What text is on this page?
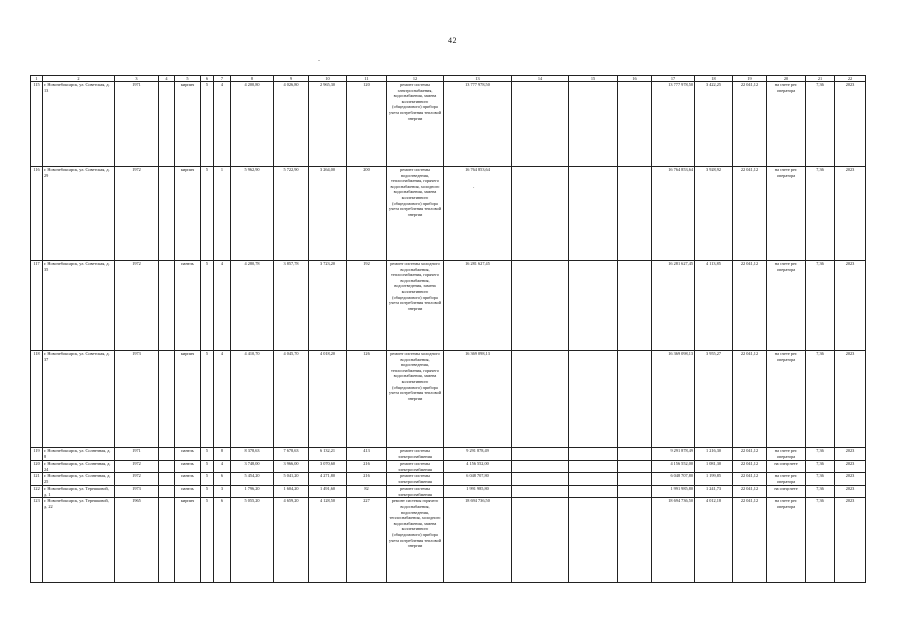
42
-
.
1	2	3	4	5	6	7	8	9	10	11	12	13	14	15	16	17	18	19	20	21	22
115	г. Новочебоксарск, ул. Советская, д. 13	1971		кирпич	5	4	4 200,80	4 026,80	2 965,30	120	ремонт системы электроснабжения, водоснабжения, замена коллективного (общедомового) прибора учета потребления тепловой энергии	13 777 978,50				13 777 978,50	3 422,25	22 041,12	на счете рег. оператора	7,36	2023
116	г. Новочебоксарск, ул. Советская, д. 29	1972		кирпич	5	1	5 962,90	5 722,90	3 264,00	200	ремонт системы водоотведения, теплоснабжения, горячего водоснабжения, холодного водоснабжения, замена коллективного (общедомового) прибора учета потребления тепловой энергии	16 764 853,64				16 764 853,64	3 928,92	22 041,12	на счете рег. оператора	7,36	2023
117	г. Новочебоксарск, ул. Советская, д. 35	1972		панель	5	4	4 280,78	3 857,78	3 723,20	192	ремонт системы холодного водоснабжения, теплоснабжения, горячего водоснабжения, водоотведения, замена коллективного (общедомового) прибора учета потребления тепловой энергии	16 281 627,45				16 281 627,45	4 113,85	22 041,12	на счете рег. оператора	7,36	2023
118	г. Новочебоксарск, ул. Советская, д. 37	1973		кирпич	5	4	4 410,70	4 045,70	4 018,20	126	ремонт системы холодного водоснабжения, водоотведения, теплоснабжения, горячего водоснабжения, замена коллективного (общедомового) прибора учета потребления тепловой энергии	16 369 098,13				16 369 098,13	3 955,27	22 041,12	на счете рег. оператора	7,36	2023
119	г. Новочебоксарск, ул. Солнечная, д. 8	1971		панель	5	8	8 378,63	7 678,63	6 132,21	413	ремонт системы электроснабжения	9 291 878,49				9 291 878,49	1 216,30	22 041,12	на счете рег. оператора	7,36	2023
120	г. Новочебоксарск, ул. Солнечная, д. 24	1972		панель	5	4	3 748,00	3 966,00	3 070,60	216	ремонт системы электроснабжения	4 156 552,00				4 156 552,00	1 081,30	22 041,12	на спецсчете	7,36	2023
121	г. Новочебоксарск, ул. Солнечная, д. 25	1972		панель	5	6	5 454,20	5 041,20	4 271,80	216	ремонт системы электроснабжения	6 048 707,80				6 048 707,80	1 199,85	22 041,12	на счете рег. оператора	7,36	2023
122	г. Новочебоксарск, ул. Терешковой, д. 1	1973		панель	5	3	1 796,20	1 604,20	1 491,60	82	ремонт системы электроснабжения	1 991 985,80				1 991 985,80	1 241,73	22 041,12	на спецсчете	7,36	2023
123	г. Новочебоксарск, ул. Терешковой, д. 22	1965		кирпич	5	6	5 055,20	4 659,20	4 128,50	227	ремонт системы горячего водоснабжения, водоотведения, теплоснабжения, холодного водоснабжения, замена коллективного (общедомового) прибора учета потребления тепловой энергии	18 694 736,50				18 694 736,50	4 012,18	22 041,12	на счете рег. оператора	7,36	2023
